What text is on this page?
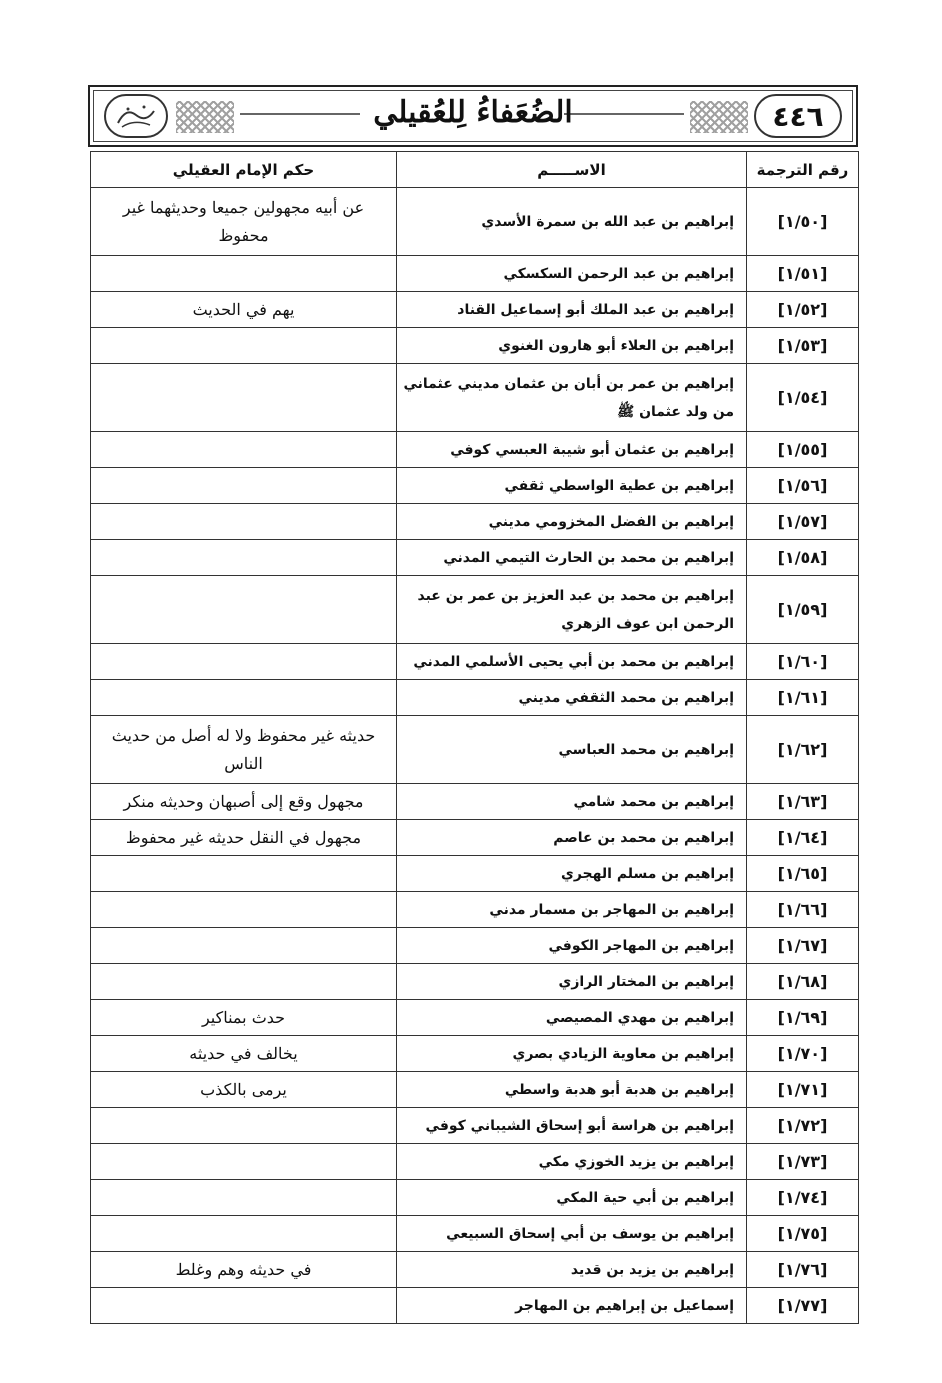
٤٤٦
الضُعَفاءُ لِلعُقيلي
رقم الترجمة	الاســـــم	حكم الإمام العقيلي
[١/٥٠]	إبراهيم بن عبد الله بن سمرة الأسدي	عن أبيه مجهولين جميعا وحديثهما غير محفوظ
[١/٥١]	إبراهيم بن عبد الرحمن السكسكي	
[١/٥٢]	إبراهيم بن عبد الملك أبو إسماعيل القناد	يهم في الحديث
[١/٥٣]	إبراهيم بن العلاء أبو هارون الغنوي	
[١/٥٤]	إبراهيم بن عمر بن أبان بن عثمان مديني عثماني من ولد عثمان ﷺ	
[١/٥٥]	إبراهيم بن عثمان أبو شيبة العبسي كوفي	
[١/٥٦]	إبراهيم بن عطية الواسطي ثقفي	
[١/٥٧]	إبراهيم بن الفضل المخزومي مديني	
[١/٥٨]	إبراهيم بن محمد بن الحارث التيمي المدني	
[١/٥٩]	إبراهيم بن محمد بن عبد العزيز بن عمر بن عبد الرحمن ابن عوف الزهري	
[١/٦٠]	إبراهيم بن محمد بن أبي يحيى الأسلمي المدني	
[١/٦١]	إبراهيم بن محمد الثقفي مديني	
[١/٦٢]	إبراهيم بن محمد العباسي	حديثه غير محفوظ ولا له أصل من حديث الناس
[١/٦٣]	إبراهيم بن محمد شامي	مجهول وقع إلى أصبهان وحديثه منكر
[١/٦٤]	إبراهيم بن محمد بن عاصم	مجهول في النقل حديثه غير محفوظ
[١/٦٥]	إبراهيم بن مسلم الهجري	
[١/٦٦]	إبراهيم بن المهاجر بن مسمار مدني	
[١/٦٧]	إبراهيم بن المهاجر الكوفي	
[١/٦٨]	إبراهيم بن المختار الرازي	
[١/٦٩]	إبراهيم بن مهدي المصيصي	حدث بمناكير
[١/٧٠]	إبراهيم بن معاوية الزيادي بصري	يخالف في حديثه
[١/٧١]	إبراهيم بن هدبة أبو هدبة واسطي	يرمى بالكذب
[١/٧٢]	إبراهيم بن هراسة أبو إسحاق الشيباني كوفي	
[١/٧٣]	إبراهيم بن يزيد الخوزي مكي	
[١/٧٤]	إبراهيم بن أبي حية المكي	
[١/٧٥]	إبراهيم بن يوسف بن أبي إسحاق السبيعي	
[١/٧٦]	إبراهيم بن يزيد بن قديد	في حديثه وهم وغلط
[١/٧٧]	إسماعيل بن إبراهيم بن المهاجر	
